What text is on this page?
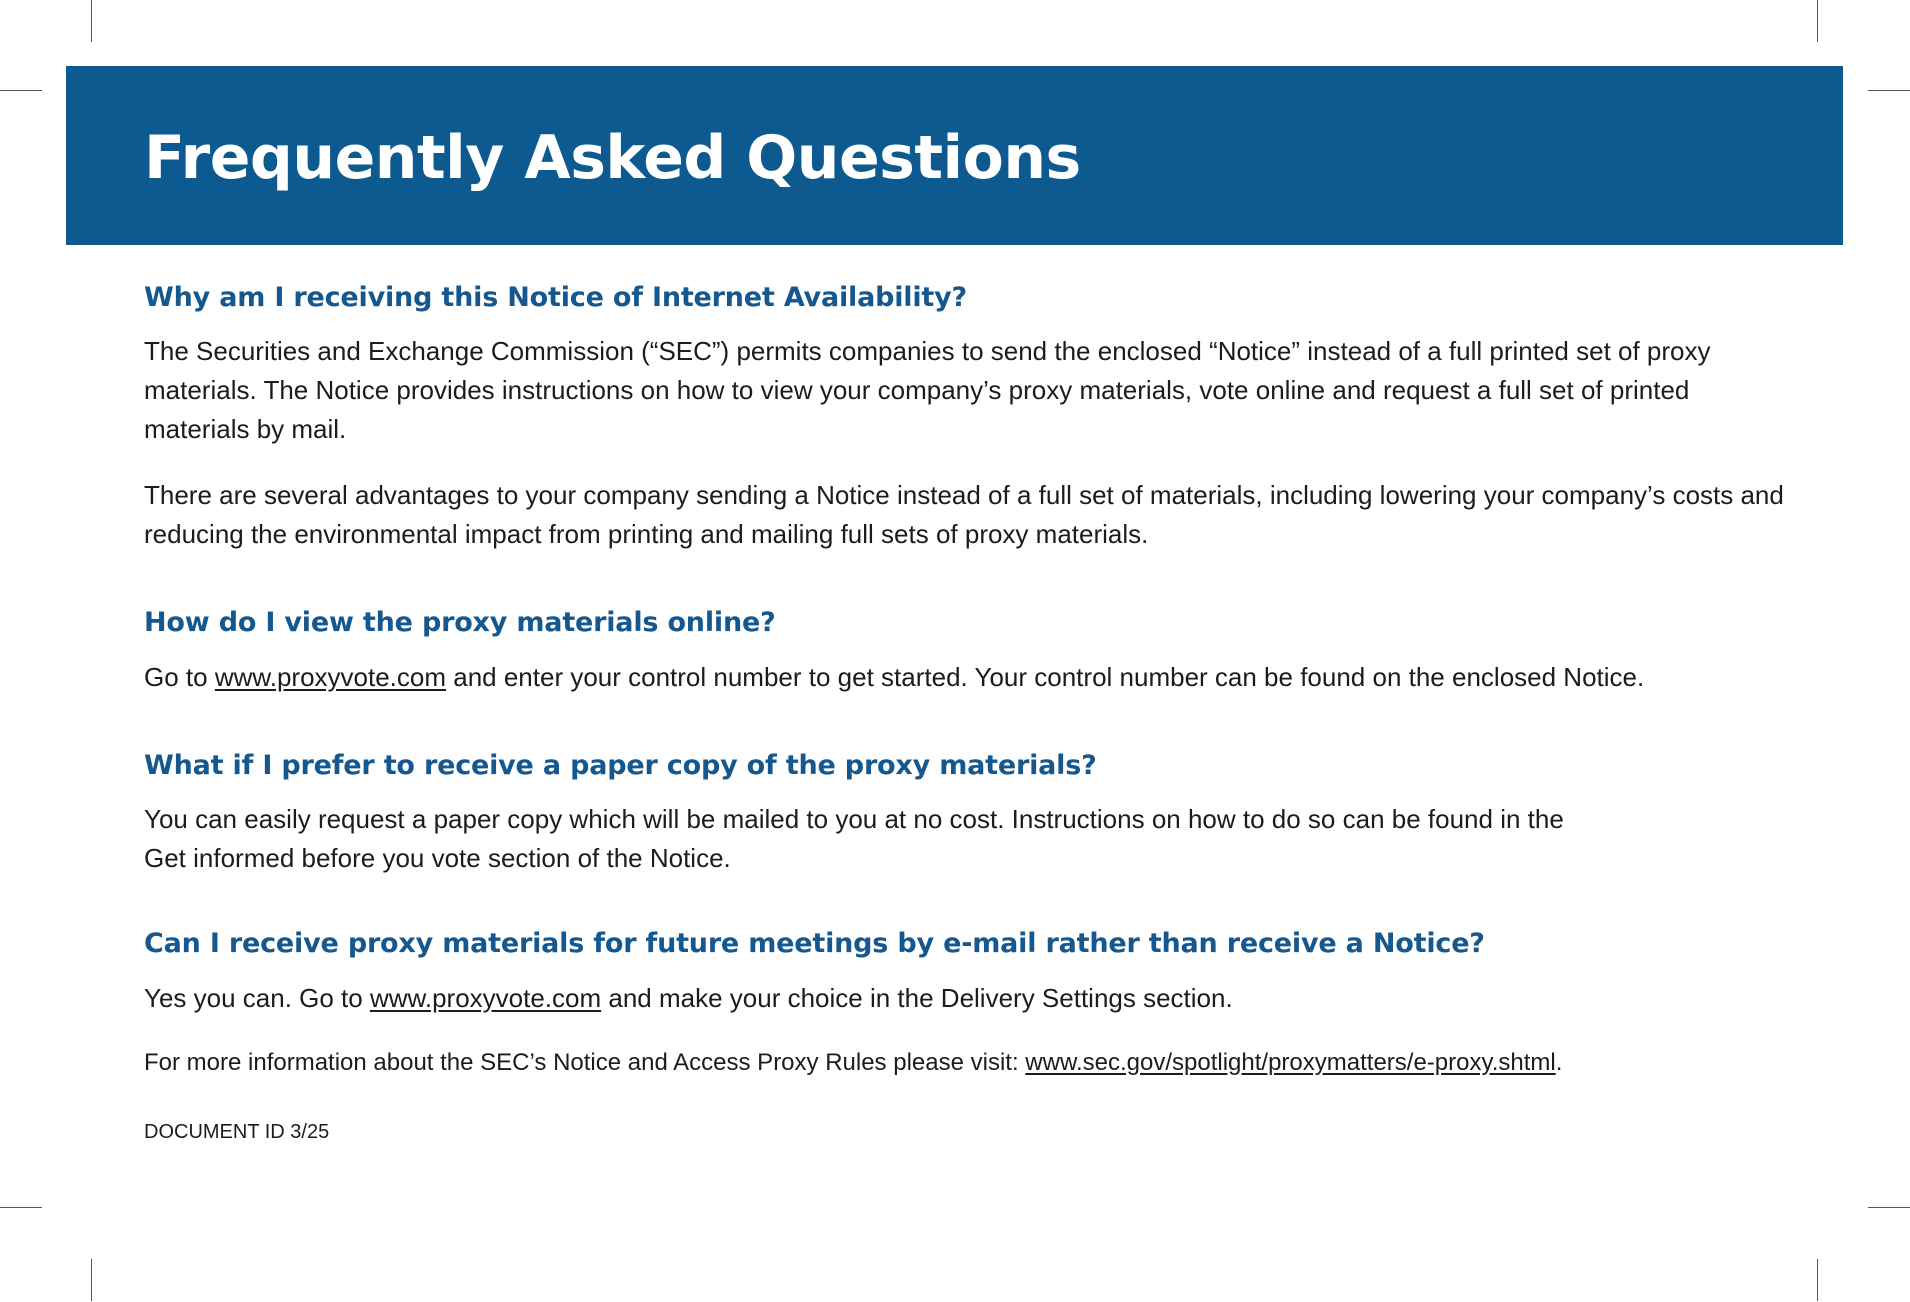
Frequently Asked Questions
Why am I receiving this Notice of Internet Availability?

The Securities and Exchange Commission (“SEC”) permits companies to send the enclosed “Notice” instead of a full printed set of proxy materials. The Notice provides instructions on how to view your company’s proxy materials, vote online and request a full set of printed materials by mail.

There are several advantages to your company sending a Notice instead of a full set of materials, including lowering your company’s costs and reducing the environmental impact from printing and mailing full sets of proxy materials.

How do I view the proxy materials online?

Go to www.proxyvote.com and enter your control number to get started. Your control number can be found on the enclosed Notice.

What if I prefer to receive a paper copy of the proxy materials?

You can easily request a paper copy which will be mailed to you at no cost. Instructions on how to do so can be found in the
Get informed before you vote section of the Notice.

Can I receive proxy materials for future meetings by e-mail rather than receive a Notice?

Yes you can. Go to www.proxyvote.com and make your choice in the Delivery Settings section.

For more information about the SEC’s Notice and Access Proxy Rules please visit: www.sec.gov/spotlight/proxymatters/e-proxy.shtml.

DOCUMENT ID 3/25
